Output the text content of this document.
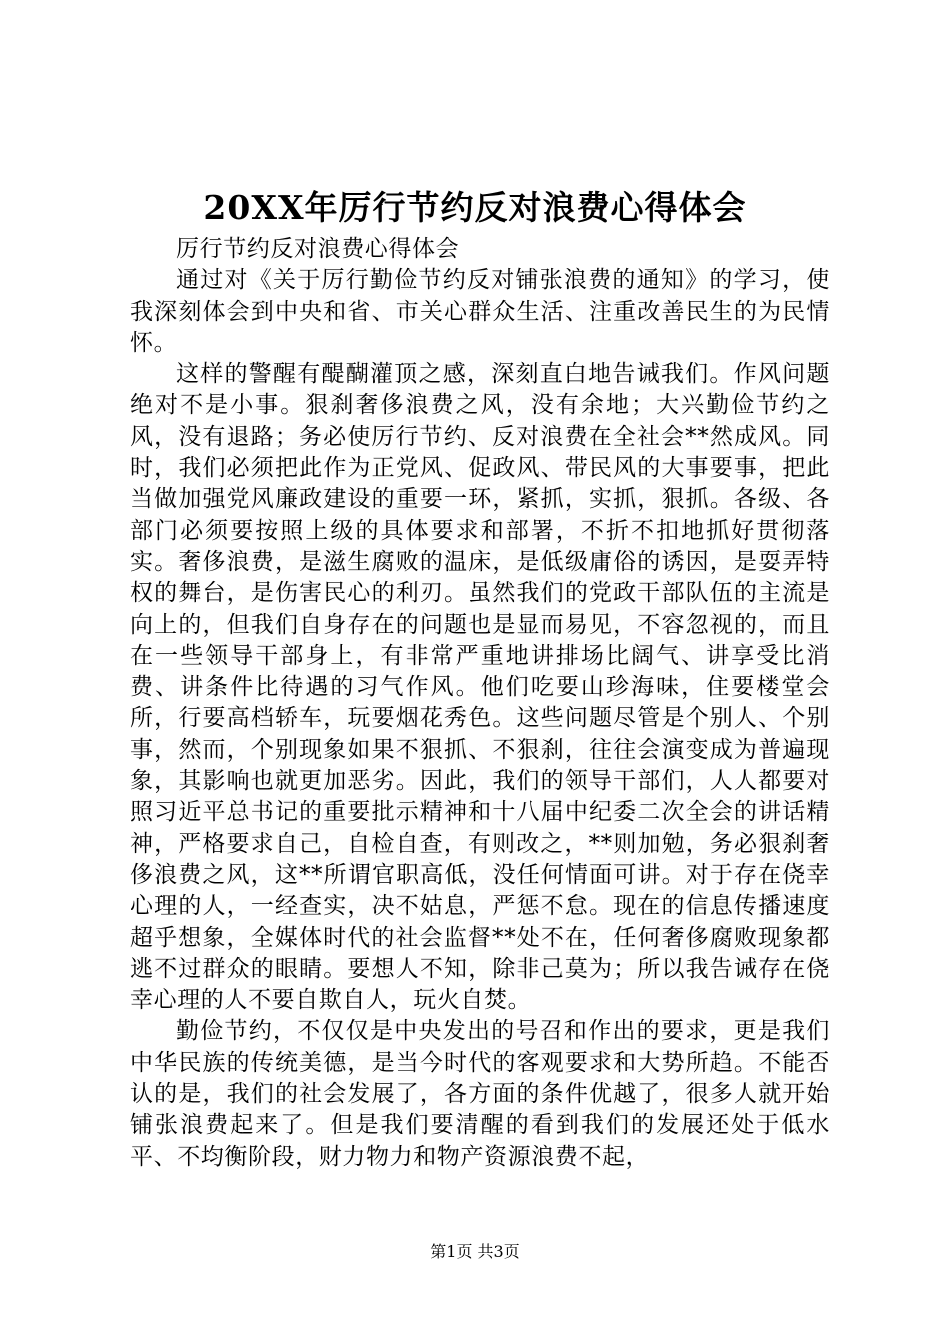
20XX年厉行节约反对浪费心得体会

厉行节约反对浪费心得体会

通过对《关于厉行勤俭节约反对铺张浪费的通知》的学习，使我深刻体会到中央和省、市关心群众生活、注重改善民生的为民情怀。

这样的警醒有醍醐灌顶之感，深刻直白地告诫我们。作风问题绝对不是小事。狠刹奢侈浪费之风，没有余地；大兴勤俭节约之风，没有退路；务必使厉行节约、反对浪费在全社会**然成风。同时，我们必须把此作为正党风、促政风、带民风的大事要事，把此当做加强党风廉政建设的重要一环，紧抓，实抓，狠抓。各级、各部门必须要按照上级的具体要求和部署，不折不扣地抓好贯彻落实。奢侈浪费，是滋生腐败的温床，是低级庸俗的诱因，是耍弄特权的舞台，是伤害民心的利刃。虽然我们的党政干部队伍的主流是向上的，但我们自身存在的问题也是显而易见，不容忽视的，而且在一些领导干部身上，有非常严重地讲排场比阔气、讲享受比消费、讲条件比待遇的习气作风。他们吃要山珍海味，住要楼堂会所，行要高档轿车，玩要烟花秀色。这些问题尽管是个别人、个别事，然而，个别现象如果不狠抓、不狠刹，往往会演变成为普遍现象，其影响也就更加恶劣。因此，我们的领导干部们，人人都要对照习近平总书记的重要批示精神和十八届中纪委二次全会的讲话精神，严格要求自己，自检自查，有则改之，**则加勉，务必狠刹奢侈浪费之风，这**所谓官职高低，没任何情面可讲。对于存在侥幸心理的人，一经查实，决不姑息，严惩不怠。现在的信息传播速度超乎想象，全媒体时代的社会监督**处不在，任何奢侈腐败现象都逃不过群众的眼睛。要想人不知，除非己莫为；所以我告诫存在侥幸心理的人不要自欺自人，玩火自焚。

勤俭节约，不仅仅是中央发出的号召和作出的要求，更是我们中华民族的传统美德，是当今时代的客观要求和大势所趋。不能否认的是，我们的社会发展了，各方面的条件优越了，很多人就开始铺张浪费起来了。但是我们要清醒的看到我们的发展还处于低水平、不均衡阶段，财力物力和物产资源浪费不起，

第1页 共3页
